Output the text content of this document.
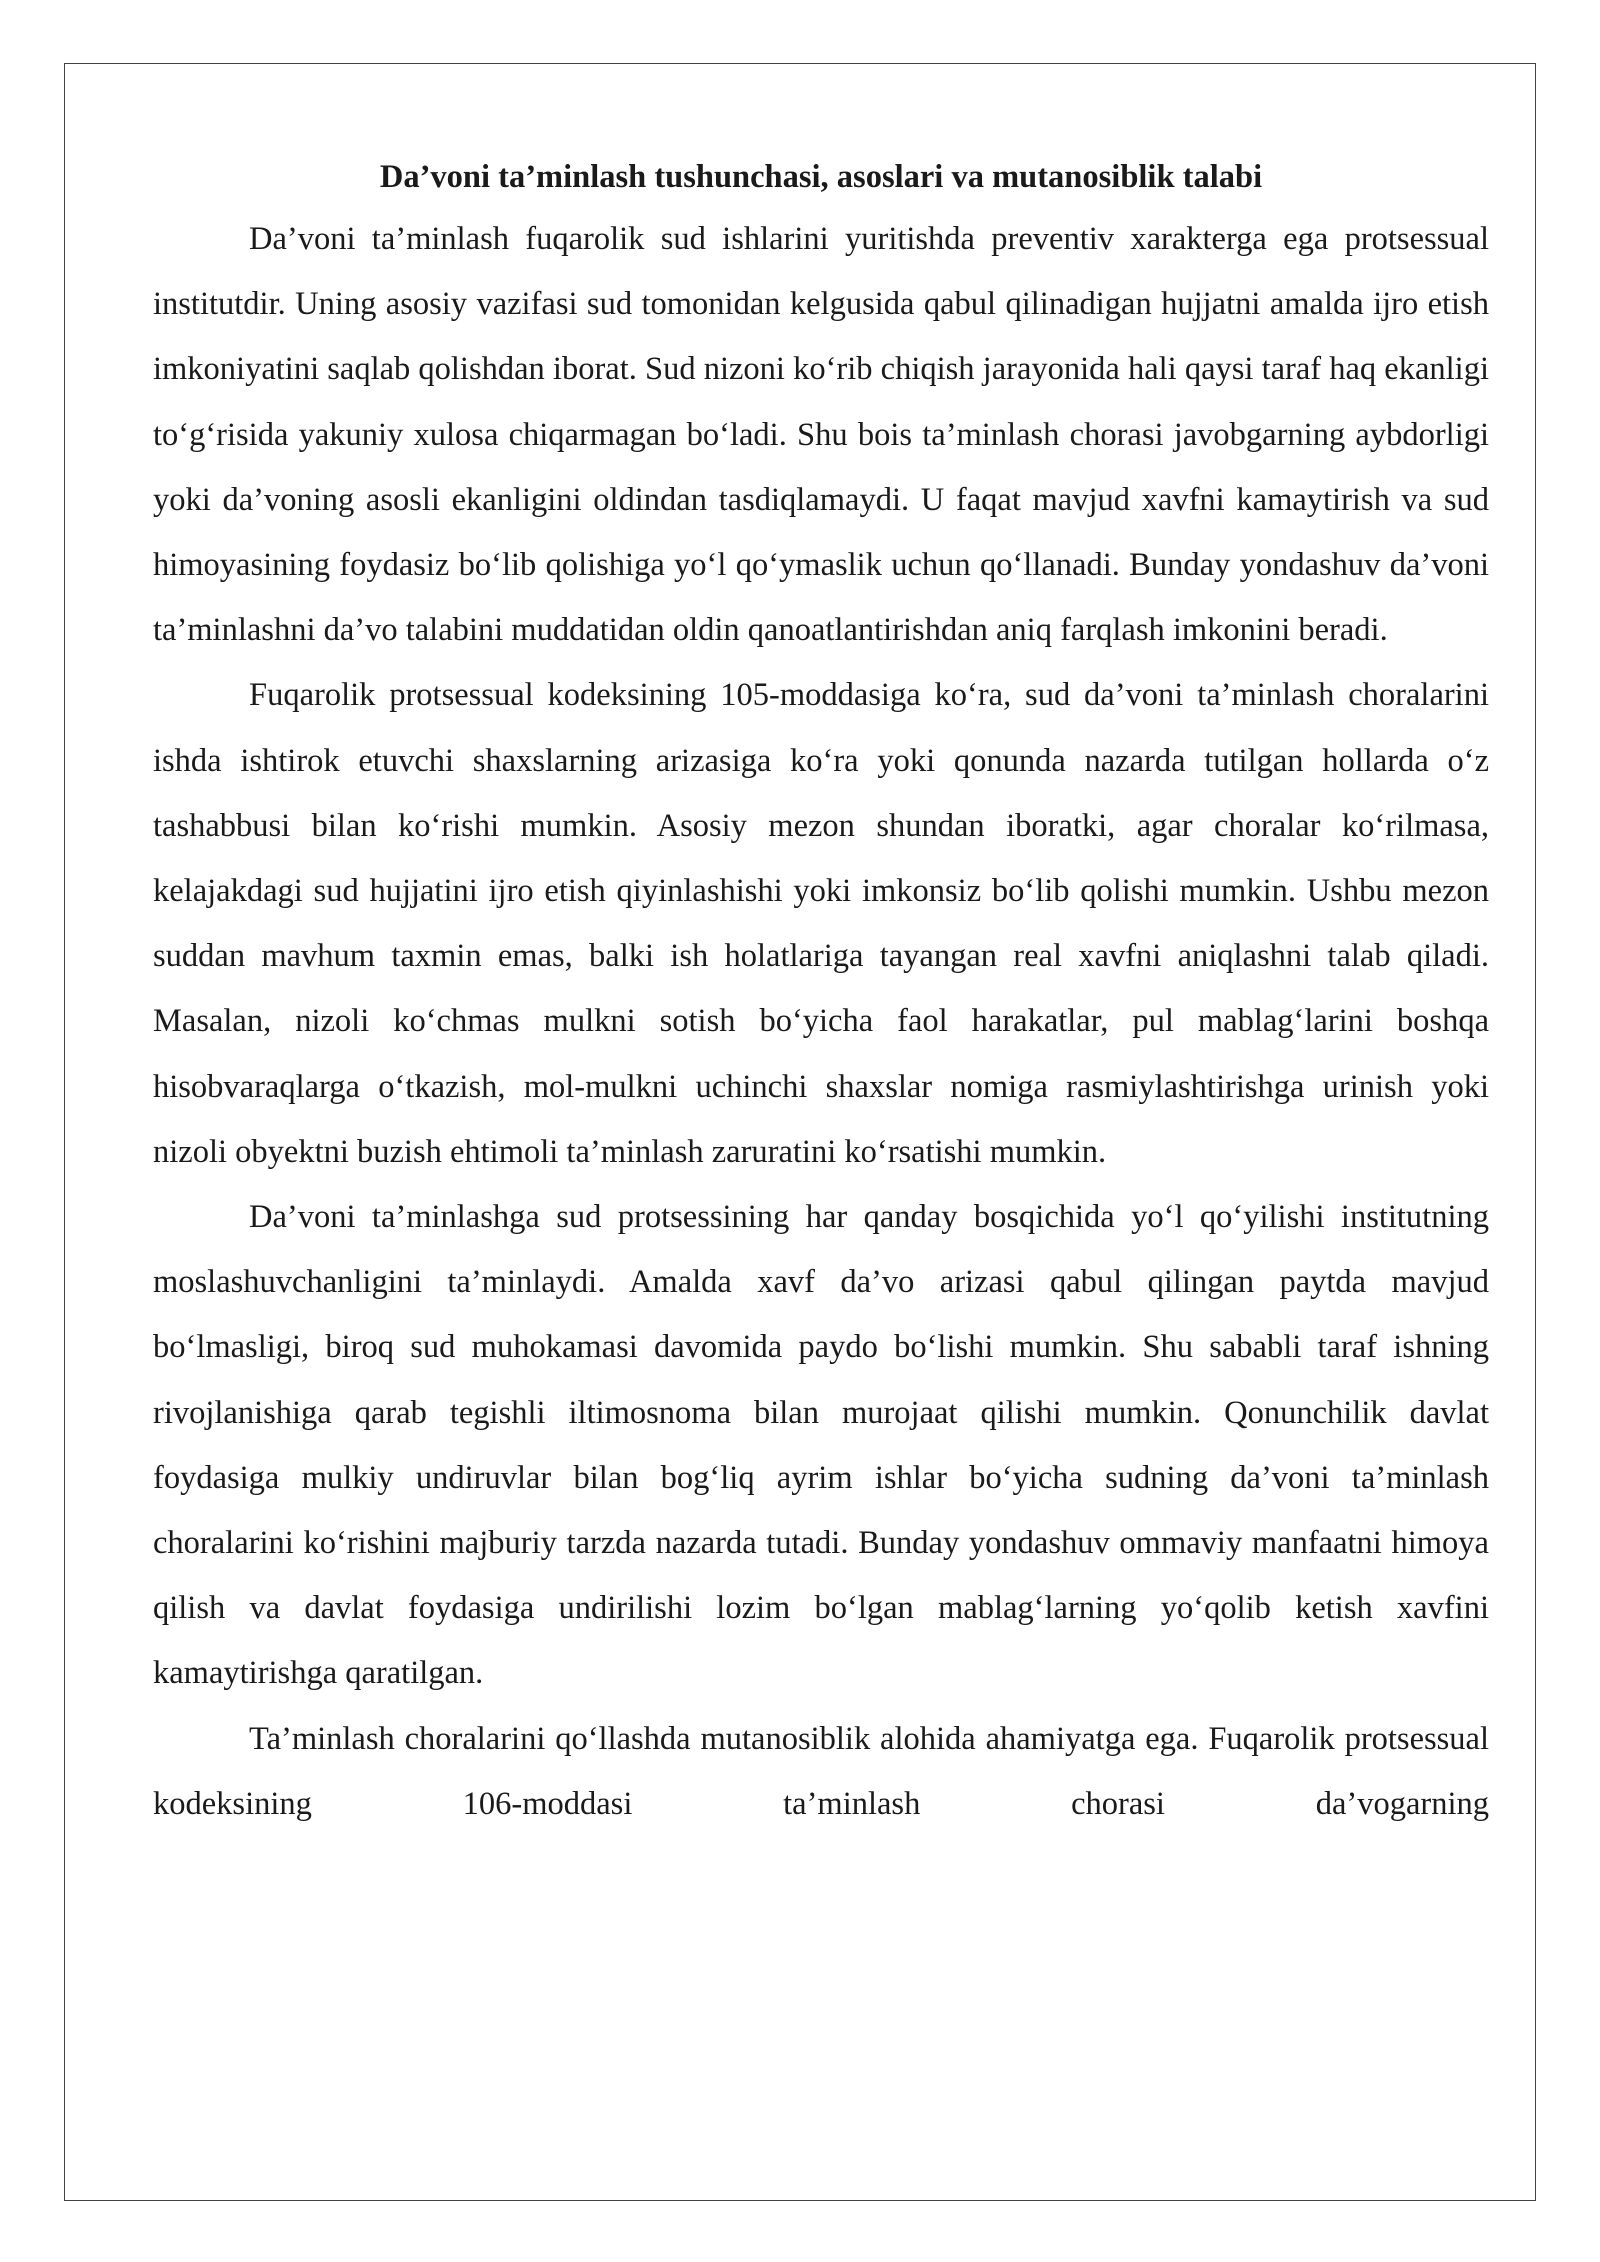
Da’voni ta’minlash tushunchasi, asoslari va mutanosiblik talabi

Da’voni ta’minlash fuqarolik sud ishlarini yuritishda preventiv xarakterga ega protsessual institutdir. Uning asosiy vazifasi sud tomonidan kelgusida qabul qilinadigan hujjatni amalda ijro etish imkoniyatini saqlab qolishdan iborat. Sud nizoni ko‘rib chiqish jarayonida hali qaysi taraf haq ekanligi to‘g‘risida yakuniy xulosa chiqarmagan bo‘ladi. Shu bois ta’minlash chorasi javobgarning aybdorligi yoki da’voning asosli ekanligini oldindan tasdiqlamaydi. U faqat mavjud xavfni kamaytirish va sud himoyasining foydasiz bo‘lib qolishiga yo‘l qo‘ymaslik uchun qo‘llanadi. Bunday yondashuv da’voni ta’minlashni da’vo talabini muddatidan oldin qanoatlantirishdan aniq farqlash imkonini beradi.

Fuqarolik protsessual kodeksining 105-moddasiga ko‘ra, sud da’voni ta’minlash choralarini ishda ishtirok etuvchi shaxslarning arizasiga ko‘ra yoki qonunda nazarda tutilgan hollarda o‘z tashabbusi bilan ko‘rishi mumkin. Asosiy mezon shundan iboratki, agar choralar ko‘rilmasa, kelajakdagi sud hujjatini ijro etish qiyinlashishi yoki imkonsiz bo‘lib qolishi mumkin. Ushbu mezon suddan mavhum taxmin emas, balki ish holatlariga tayangan real xavfni aniqlashni talab qiladi. Masalan, nizoli ko‘chmas mulkni sotish bo‘yicha faol harakatlar, pul mablag‘larini boshqa hisobvaraqlarga o‘tkazish, mol-mulkni uchinchi shaxslar nomiga rasmiylashtirishga urinish yoki nizoli obyektni buzish ehtimoli ta’minlash zaruratini ko‘rsatishi mumkin.

Da’voni ta’minlashga sud protsessining har qanday bosqichida yo‘l qo‘yilishi institutning moslashuvchanligini ta’minlaydi. Amalda xavf da’vo arizasi qabul qilingan paytda mavjud bo‘lmasligi, biroq sud muhokamasi davomida paydo bo‘lishi mumkin. Shu sababli taraf ishning rivojlanishiga qarab tegishli iltimosnoma bilan murojaat qilishi mumkin. Qonunchilik davlat foydasiga mulkiy undiruvlar bilan bog‘liq ayrim ishlar bo‘yicha sudning da’voni ta’minlash choralarini ko‘rishini majburiy tarzda nazarda tutadi. Bunday yondashuv ommaviy manfaatni himoya qilish va davlat foydasiga undirilishi lozim bo‘lgan mablag‘larning yo‘qolib ketish xavfini kamaytirishga qaratilgan.

Ta’minlash choralarini qo‘llashda mutanosiblik alohida ahamiyatga ega. Fuqarolik protsessual kodeksining 106-moddasi ta’minlash chorasi da’vogarning
